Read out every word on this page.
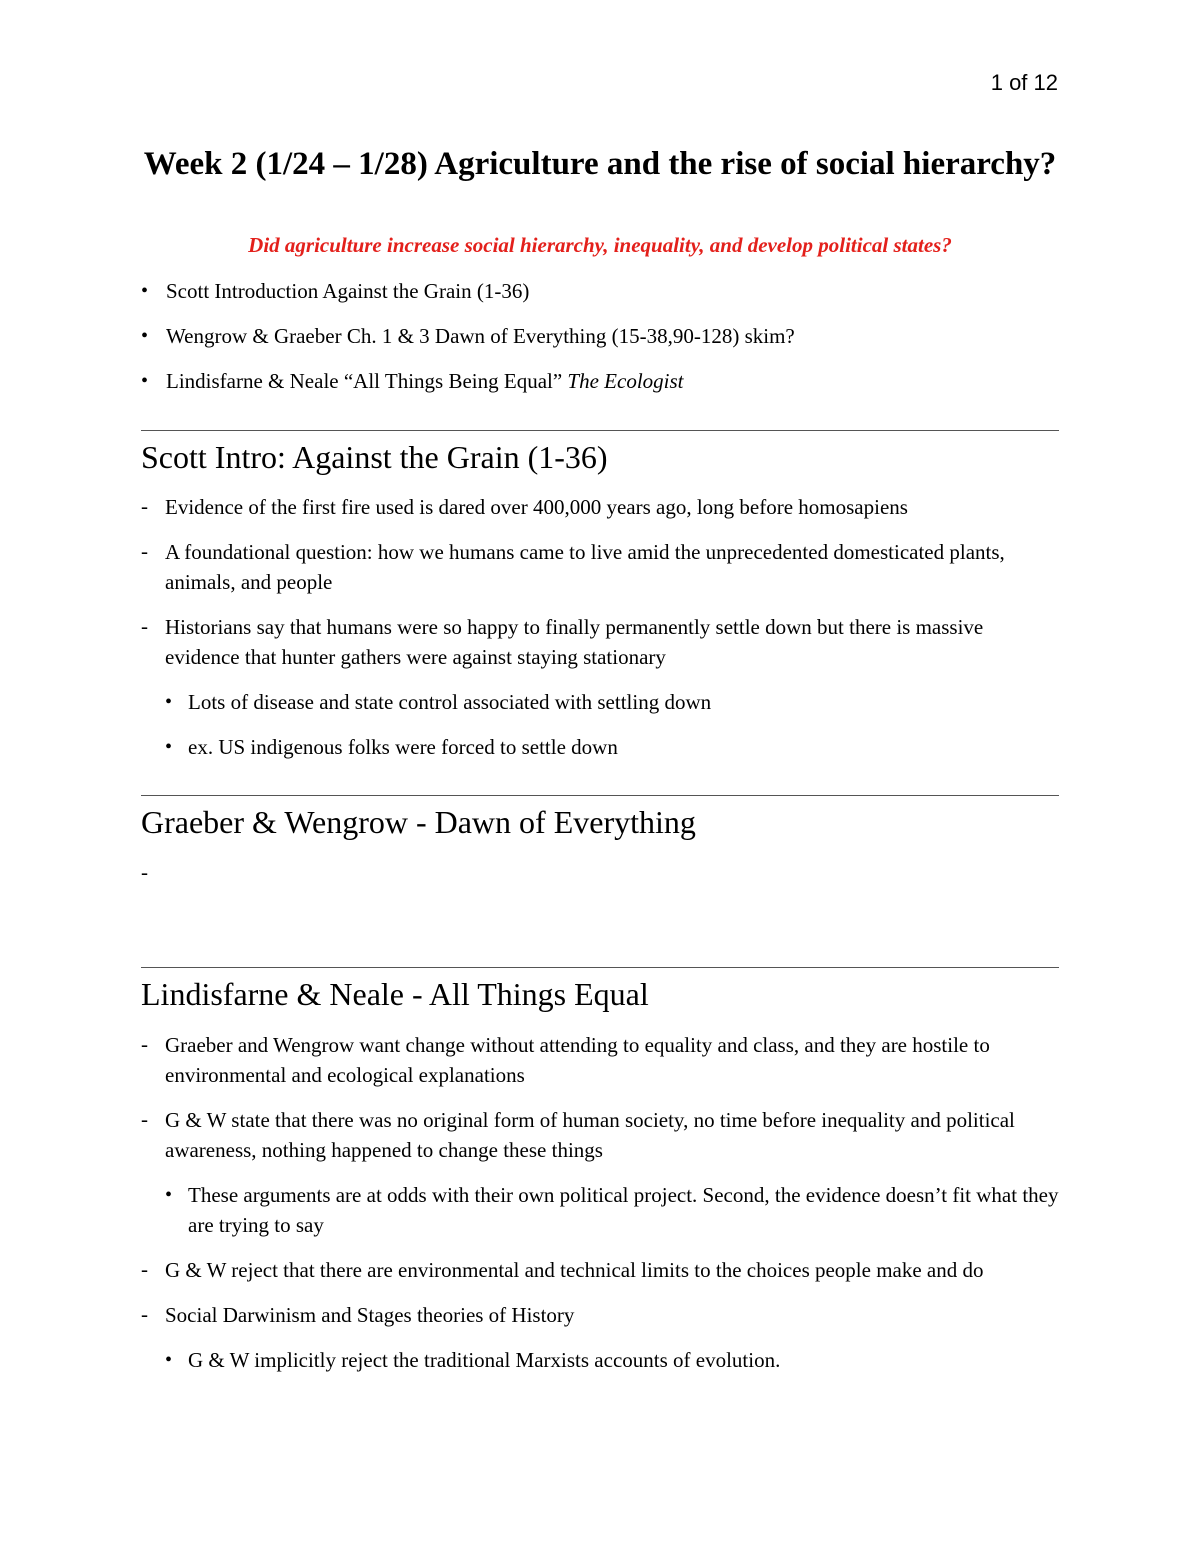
1 of 12
Week 2 (1/24 – 1/28) Agriculture and the rise of social hierarchy?

Did agriculture increase social hierarchy, inequality, and develop political states?

• Scott Introduction Against the Grain (1-36)
• Wengrow & Graeber Ch. 1 & 3 Dawn of Everything (15-38,90-128) skim?
• Lindisfarne & Neale “All Things Being Equal” The Ecologist
Scott Intro: Against the Grain (1-36)
- Evidence of the first fire used is dared over 400,000 years ago, long before homosapiens
- A foundational question: how we humans came to live amid the unprecedented domesticated plants, animals, and people
- Historians say that humans were so happy to finally permanently settle down but there is massive evidence that hunter gathers were against staying stationary
• Lots of disease and state control associated with settling down
• ex. US indigenous folks were forced to settle down
Graeber & Wengrow - Dawn of Everything
-
Lindisfarne & Neale - All Things Equal
- Graeber and Wengrow want change without attending to equality and class, and they are hostile to environmental and ecological explanations
- G & W state that there was no original form of human society, no time before inequality and political awareness, nothing happened to change these things
• These arguments are at odds with their own political project. Second, the evidence doesn’t fit what they are trying to say
- G & W reject that there are environmental and technical limits to the choices people make and do
- Social Darwinism and Stages theories of History
• G & W implicitly reject the traditional Marxists accounts of evolution.
